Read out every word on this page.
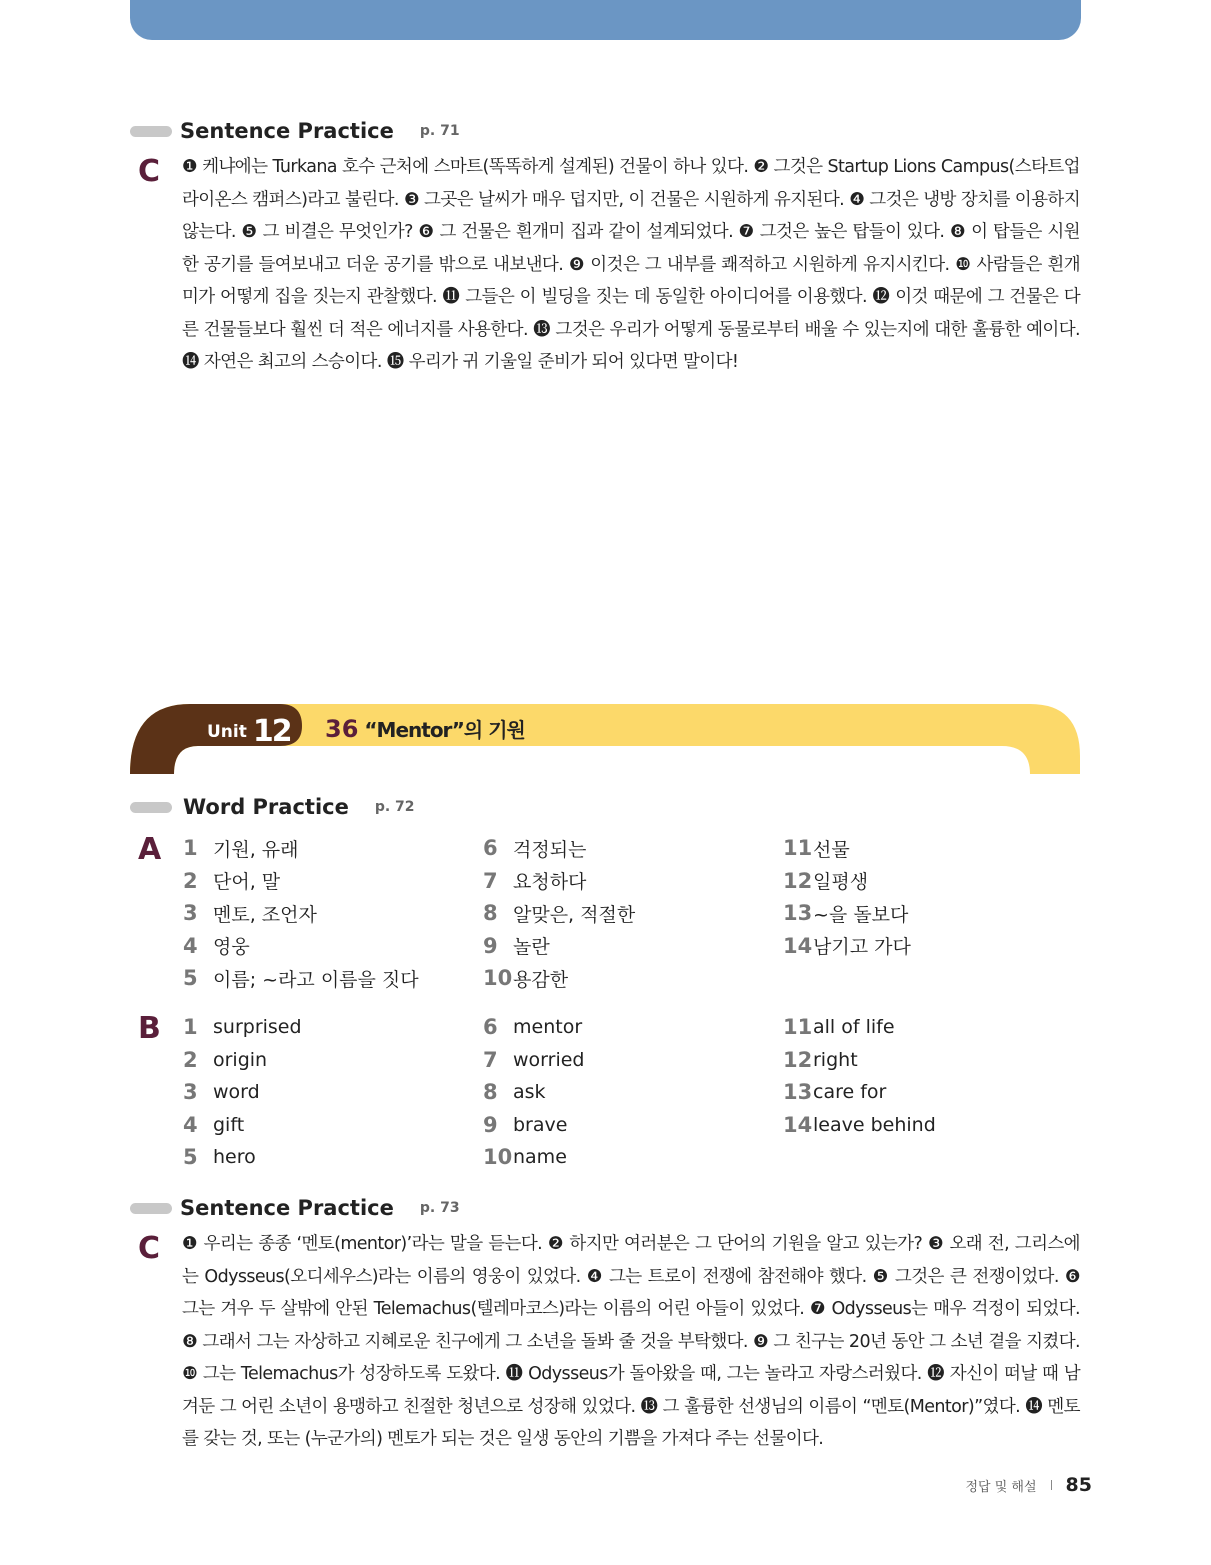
Sentence Practice p. 71
C ❶ 케냐에는 Turkana 호수 근처에 스마트(똑똑하게 설계된) 건물이 하나 있다. ❷ 그것은 Startup Lions Campus(스타트업 라이온스 캠퍼스)라고 불린다. ❸ 그곳은 날씨가 매우 덥지만, 이 건물은 시원하게 유지된다. ❹ 그것은 냉방 장치를 이용하지 않는다. ❺ 그 비결은 무엇인가? ❻ 그 건물은 흰개미 집과 같이 설계되었다. ❼ 그것은 높은 탑들이 있다. ❽ 이 탑들은 시원한 공기를 들여보내고 더운 공기를 밖으로 내보낸다. ❾ 이것은 그 내부를 쾌적하고 시원하게 유지시킨다. ❿ 사람들은 흰개미가 어떻게 집을 짓는지 관찰했다. ⓫ 그들은 이 빌딩을 짓는 데 동일한 아이디어를 이용했다. ⓬ 이것 때문에 그 건물은 다른 건물들보다 훨씬 더 적은 에너지를 사용한다. ⓭ 그것은 우리가 어떻게 동물로부터 배울 수 있는지에 대한 훌륭한 예이다. ⓮ 자연은 최고의 스승이다. ⓯ 우리가 귀 기울일 준비가 되어 있다면 말이다!
Unit 12 36 “Mentor”의 기원
Word Practice p. 72
A 1 기원, 유래
2 단어, 말
3 멘토, 조언자
4 영웅
5 이름; ~라고 이름을 짓다
6 걱정되는
7 요청하다
8 알맞은, 적절한
9 놀란
10 용감한
11 선물
12 일평생
13 ~을 돌보다
14 남기고 가다
B 1 surprised
2 origin
3 word
4 gift
5 hero
6 mentor
7 worried
8 ask
9 brave
10 name
11 all of life
12 right
13 care for
14 leave behind
Sentence Practice p. 73
C ❶ 우리는 종종 ‘멘토(mentor)’라는 말을 듣는다. ❷ 하지만 여러분은 그 단어의 기원을 알고 있는가? ❸ 오래 전, 그리스에는 Odysseus(오디세우스)라는 이름의 영웅이 있었다. ❹ 그는 트로이 전쟁에 참전해야 했다. ❺ 그것은 큰 전쟁이었다. ❻ 그는 겨우 두 살밖에 안된 Telemachus(텔레마코스)라는 이름의 어린 아들이 있었다. ❼ Odysseus는 매우 걱정이 되었다. ❽ 그래서 그는 자상하고 지혜로운 친구에게 그 소년을 돌봐 줄 것을 부탁했다. ❾ 그 친구는 20년 동안 그 소년 곁을 지켰다. ❿ 그는 Telemachus가 성장하도록 도왔다. ⓫ Odysseus가 돌아왔을 때, 그는 놀라고 자랑스러웠다. ⓬ 자신이 떠날 때 남겨둔 그 어린 소년이 용맹하고 친절한 청년으로 성장해 있었다. ⓭ 그 훌륭한 선생님의 이름이 “멘토(Mentor)”였다. ⓮ 멘토를 갖는 것, 또는 (누군가의) 멘토가 되는 것은 일생 동안의 기쁨을 가져다 주는 선물이다.
정답 및 해설 85
